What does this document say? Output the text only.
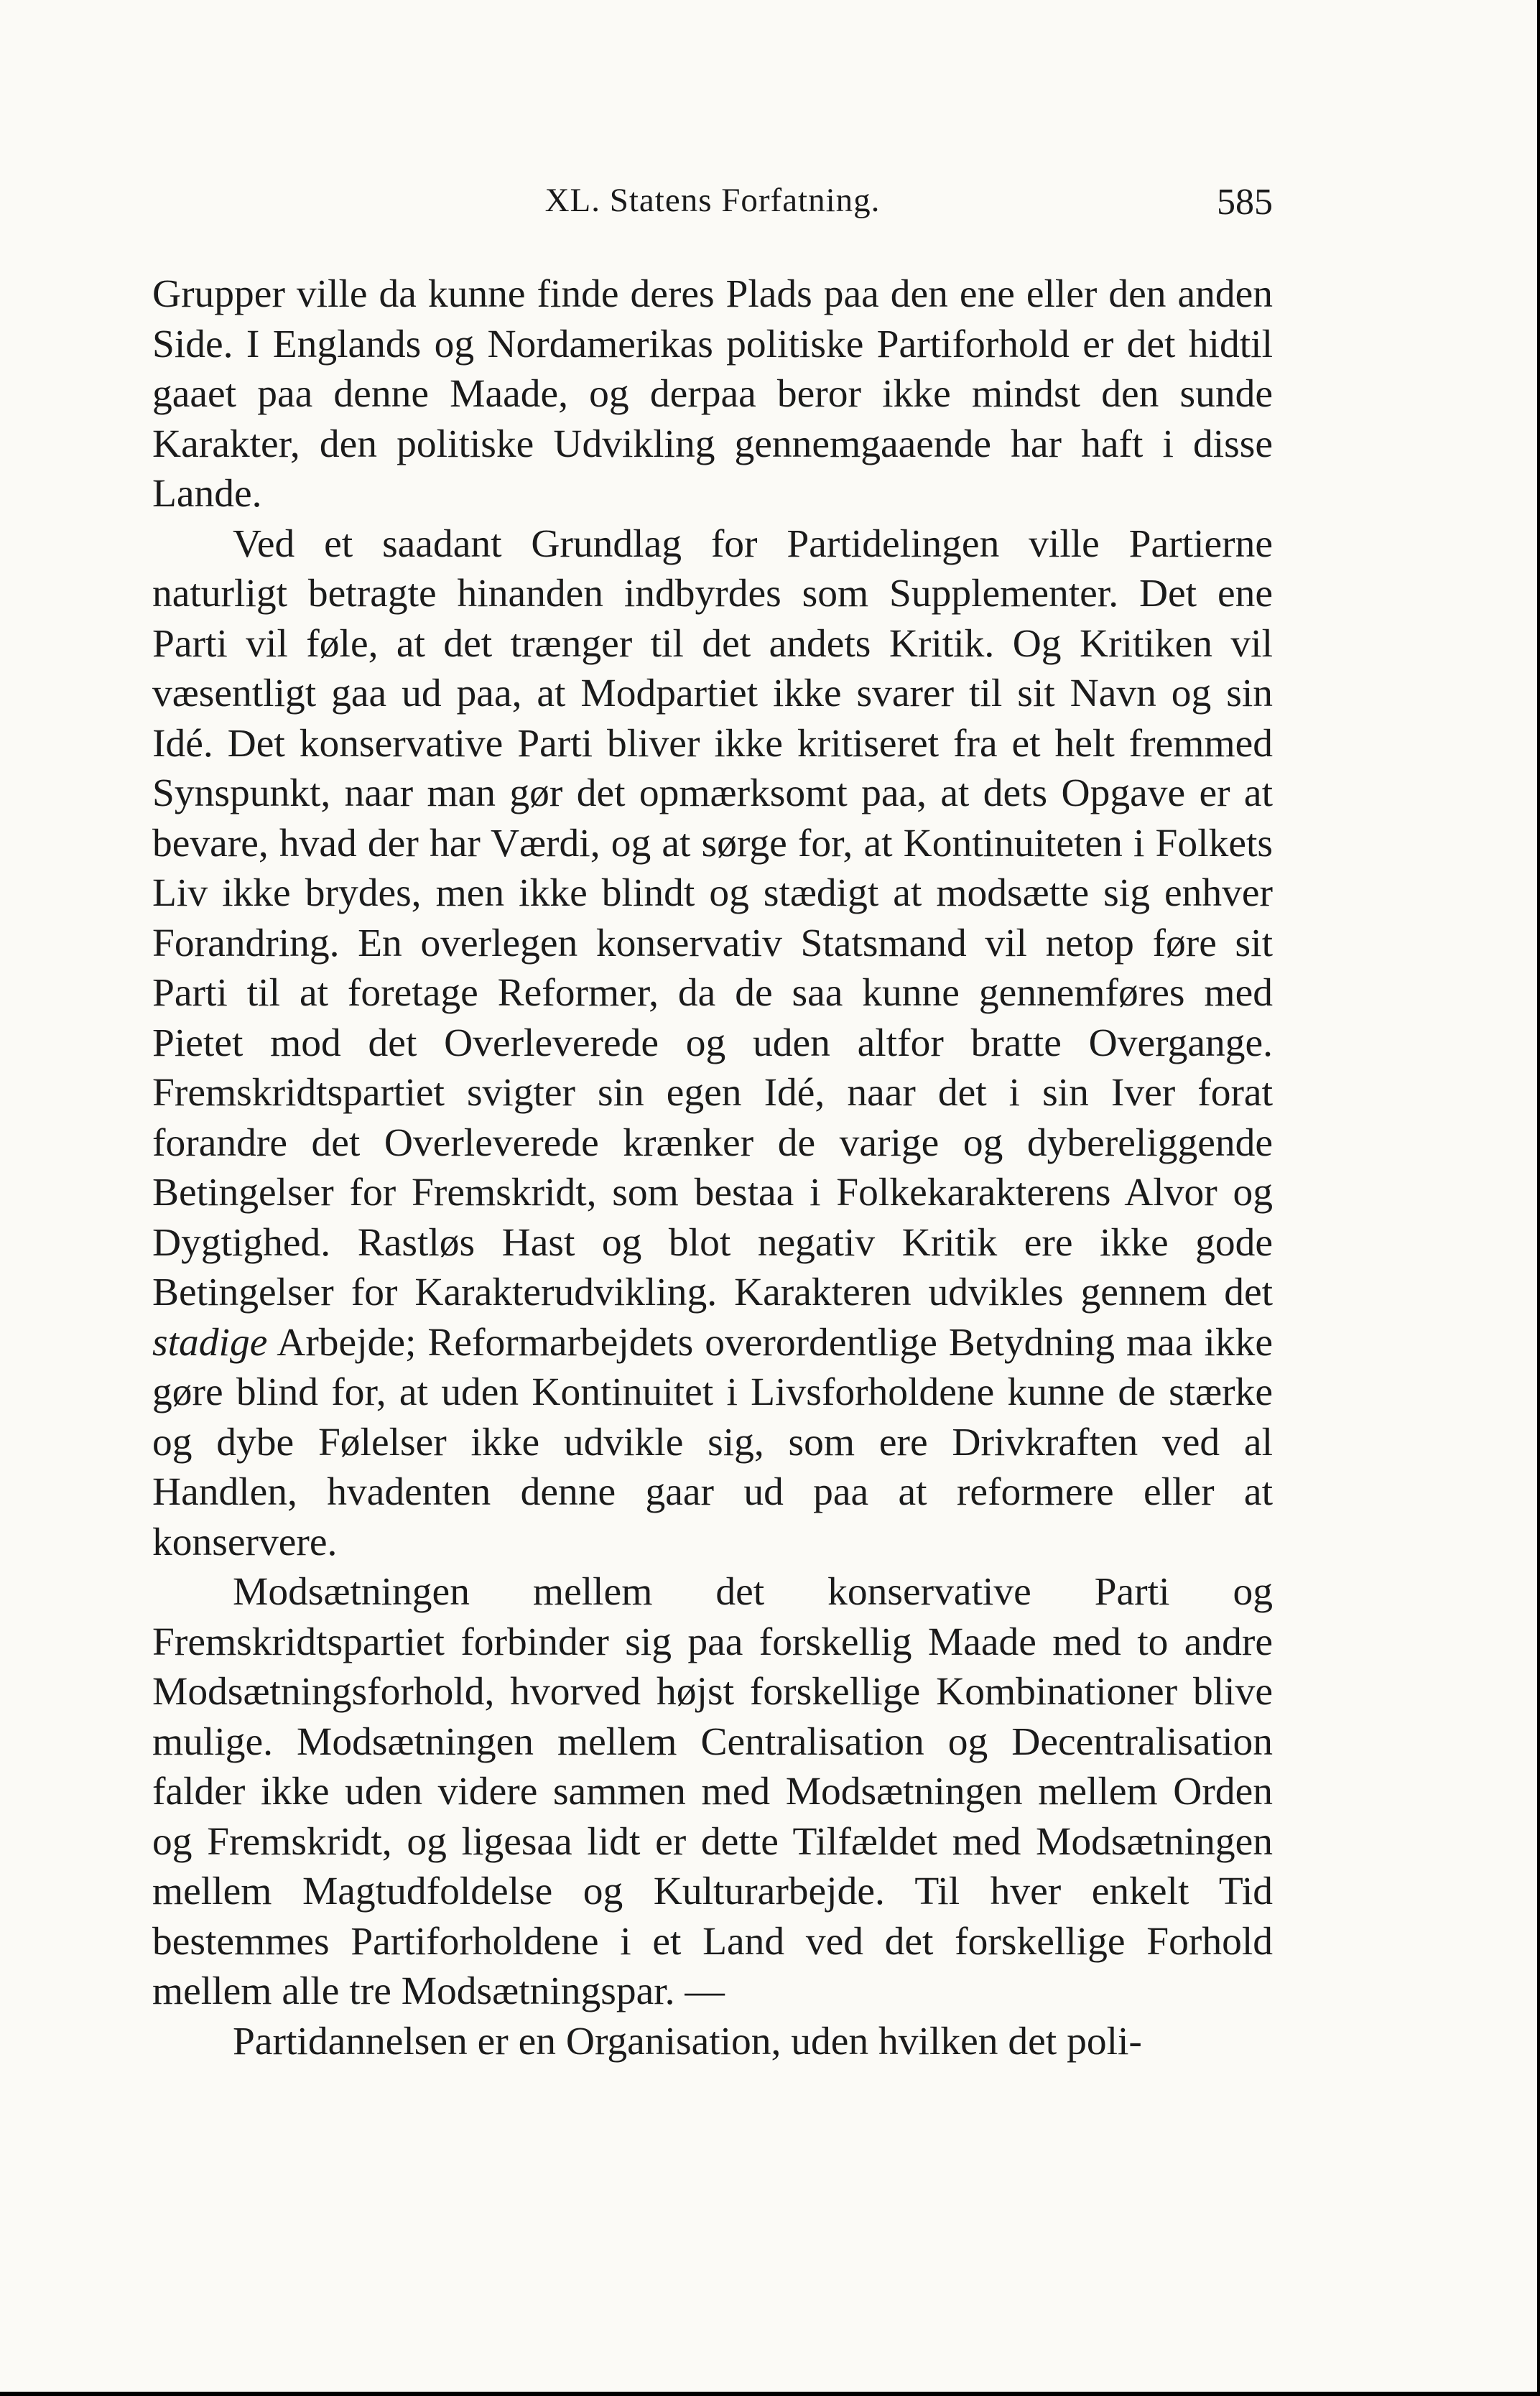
XL. Statens Forfatning.	585

Grupper ville da kunne finde deres Plads paa den ene eller den anden Side. I Englands og Nordamerikas politiske Partiforhold er det hidtil gaaet paa denne Maade, og derpaa beror ikke mindst den sunde Karakter, den politiske Udvikling gennemgaaende har haft i disse Lande.

Ved et saadant Grundlag for Partidelingen ville Partierne naturligt betragte hinanden indbyrdes som Supplementer. Det ene Parti vil føle, at det trænger til det andets Kritik. Og Kritiken vil væsentligt gaa ud paa, at Modpartiet ikke svarer til sit Navn og sin Idé. Det konservative Parti bliver ikke kritiseret fra et helt fremmed Synspunkt, naar man gør det opmærksomt paa, at dets Opgave er at bevare, hvad der har Værdi, og at sørge for, at Kontinuiteten i Folkets Liv ikke brydes, men ikke blindt og stædigt at modsætte sig enhver Forandring. En overlegen konservativ Statsmand vil netop føre sit Parti til at foretage Reformer, da de saa kunne gennemføres med Pietet mod det Overleverede og uden altfor bratte Overgange. Fremskridtspartiet svigter sin egen Idé, naar det i sin Iver forat forandre det Overleverede krænker de varige og dybereliggende Betingelser for Fremskridt, som bestaa i Folkekarakterens Alvor og Dygtighed. Rastløs Hast og blot negativ Kritik ere ikke gode Betingelser for Karakterudvikling. Karakteren udvikles gennem det stadige Arbejde; Reformarbejdets overordentlige Betydning maa ikke gøre blind for, at uden Kontinuitet i Livsforholdene kunne de stærke og dybe Følelser ikke udvikle sig, som ere Drivkraften ved al Handlen, hvadenten denne gaar ud paa at reformere eller at konservere.

Modsætningen mellem det konservative Parti og Fremskridtspartiet forbinder sig paa forskellig Maade med to andre Modsætningsforhold, hvorved højst forskellige Kombinationer blive mulige. Modsætningen mellem Centralisation og Decentralisation falder ikke uden videre sammen med Modsætningen mellem Orden og Fremskridt, og ligesaa lidt er dette Tilfældet med Modsætningen mellem Magtudfoldelse og Kulturarbejde. Til hver enkelt Tid bestemmes Partiforholdene i et Land ved det forskellige Forhold mellem alle tre Modsætningspar. —

Partidannelsen er en Organisation, uden hvilken det poli-
